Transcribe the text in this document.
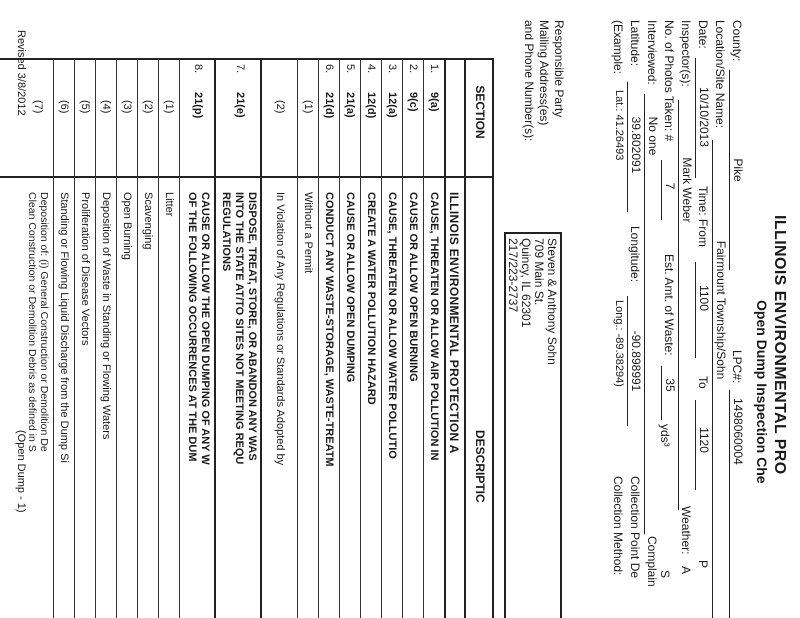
ILLINOIS ENVIRONMENTAL PRO
Open Dump Inspection Che
County:
Pike
LPC#:
1498060004
Location/Site Name:
Fairmount Township/Sohn
Date:
10/10/2013
Time: From
1100
To
1120
P
Inspector(s):
Mark Weber
Weather:
A
No. of Photos Taken: #
7
Est. Amt. of Waste:
35
yds³
S
Interviewed:
No one
Complain
Latitude:
39.802091
Longitude:
-90.898991
Collection Point De
(Example:
Lat.: 41.26493
Long.: -89.38294)
Collection Method:
Responsible Party
Mailing Address(es)
and Phone Number(s):
Steven & Anthony Sohn
709 Main St.
Quincy, IL 62301
217/223-2737
SECTION
DESCRIPTIC
ILLINOIS ENVIRONMENTAL PROTECTION A
1.
9(a)
CAUSE, THREATEN OR ALLOW AIR POLLUTION IN
2.
9(c)
CAUSE OR ALLOW OPEN BURNING
3.
12(a)
CAUSE, THREATEN OR ALLOW WATER POLLUTIO
4.
12(d)
CREATE A WATER POLLUTION HAZARD
5.
21(a)
CAUSE OR ALLOW OPEN DUMPING
6.
21(d)
CONDUCT ANY WASTE-STORAGE, WASTE-TREATM
(1)
Without a Permit
(2)
In Violation of Any Regulations or Standards Adopted by
7.
21(e)
DISPOSE, TREAT, STORE, OR ABANDON ANY WAS
INTO THE STATE AT/TO SITES NOT MEETING REQU
REGULATIONS
8.
21(p)
CAUSE OR ALLOW THE OPEN DUMPING OF ANY W
OF THE FOLLOWING OCCURRENCES AT THE DUM
(1)
Litter
(2)
Scavenging
(3)
Open Burning
(4)
Deposition of Waste in Standing or Flowing Waters
(5)
Proliferation of Disease Vectors
(6)
Standing or Flowing Liquid Discharge from the Dump Si
(7)
Deposition of: (i) General Construction or Demolition De
Clean Construction or Demolition Debris as defined in S
Revised 3/8/2012
(Open Dump - 1)
